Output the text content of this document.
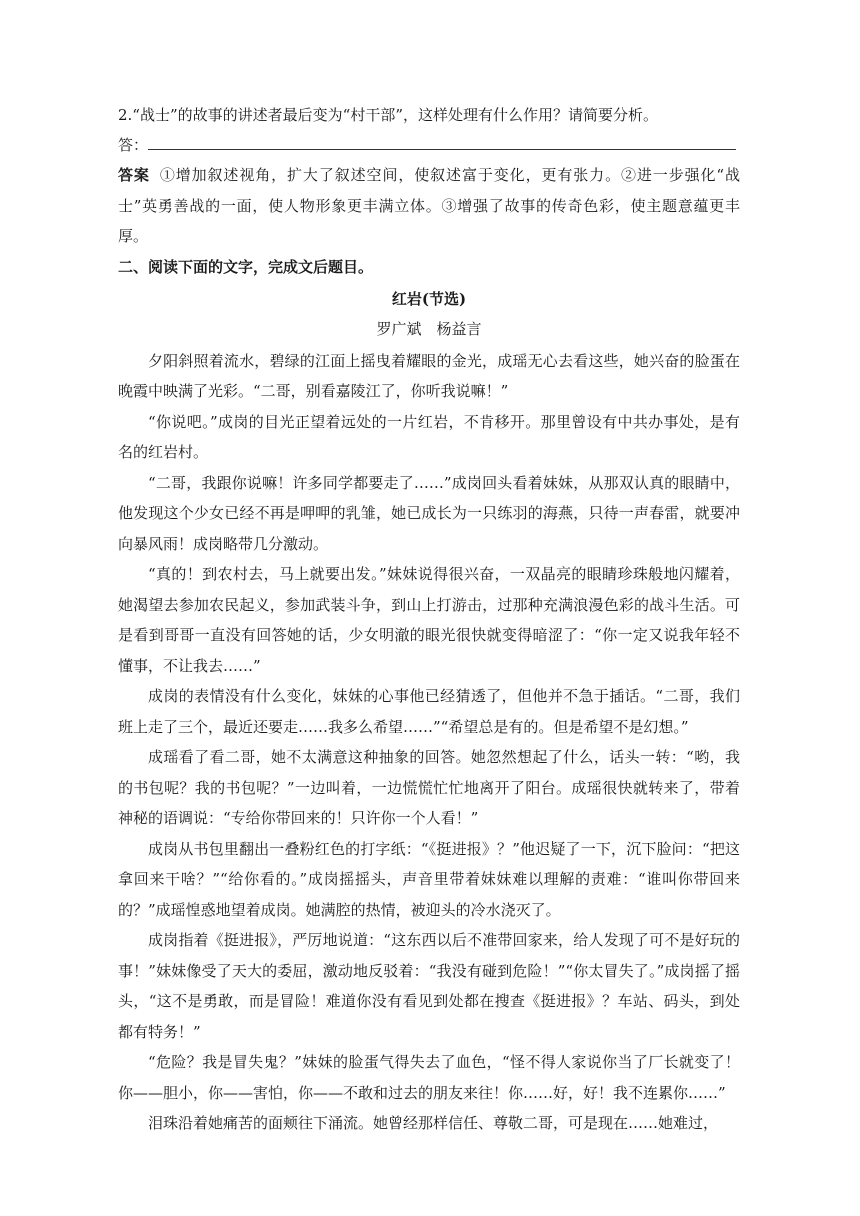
2.“战士”的故事的讲述者最后变为“村干部”，这样处理有什么作用？请简要分析。

答：

答案 ①增加叙述视角，扩大了叙述空间，使叙述富于变化，更有张力。②进一步强化“战士”英勇善战的一面，使人物形象更丰满立体。③增强了故事的传奇色彩，使主题意蕴更丰厚。

二、阅读下面的文字，完成文后题目。

红岩(节选)

罗广斌　杨益言

夕阳斜照着流水，碧绿的江面上摇曳着耀眼的金光，成瑶无心去看这些，她兴奋的脸蛋在晚霞中映满了光彩。“二哥，别看嘉陵江了，你听我说嘛！”

“你说吧。”成岗的目光正望着远处的一片红岩，不肯移开。那里曾设有中共办事处，是有名的红岩村。

“二哥，我跟你说嘛！许多同学都要走了……”成岗回头看着妹妹，从那双认真的眼睛中，他发现这个少女已经不再是呷呷的乳雏，她已成长为一只练羽的海燕，只待一声春雷，就要冲向暴风雨！成岗略带几分激动。

“真的！到农村去，马上就要出发。”妹妹说得很兴奋，一双晶亮的眼睛珍珠般地闪耀着，她渴望去参加农民起义，参加武装斗争，到山上打游击，过那种充满浪漫色彩的战斗生活。可是看到哥哥一直没有回答她的话，少女明澈的眼光很快就变得暗涩了：“你一定又说我年轻不懂事，不让我去……”

成岗的表情没有什么变化，妹妹的心事他已经猜透了，但他并不急于插话。“二哥，我们班上走了三个，最近还要走……我多么希望……”“希望总是有的。但是希望不是幻想。”

成瑶看了看二哥，她不太满意这种抽象的回答。她忽然想起了什么，话头一转：“哟，我的书包呢？我的书包呢？”一边叫着，一边慌慌忙忙地离开了阳台。成瑶很快就转来了，带着神秘的语调说：“专给你带回来的！只许你一个人看！”

成岗从书包里翻出一叠粉红色的打字纸：“《挺进报》？”他迟疑了一下，沉下脸问：“把这拿回来干啥？”“给你看的。”成岗摇摇头，声音里带着妹妹难以理解的责难：“谁叫你带回来的？”成瑶惶惑地望着成岗。她满腔的热情，被迎头的冷水浇灭了。

成岗指着《挺进报》，严厉地说道：“这东西以后不准带回家来，给人发现了可不是好玩的事！”妹妹像受了天大的委屈，激动地反驳着：“我没有碰到危险！”“你太冒失了。”成岗摇了摇头，“这不是勇敢，而是冒险！难道你没有看见到处都在搜查《挺进报》？车站、码头，到处都有特务！”

“危险？我是冒失鬼？”妹妹的脸蛋气得失去了血色，“怪不得人家说你当了厂长就变了！你——胆小，你——害怕，你——不敢和过去的朋友来往！你……好，好！我不连累你……”

泪珠沿着她痛苦的面颊往下涌流。她曾经那样信任、尊敬二哥，可是现在……她难过，
